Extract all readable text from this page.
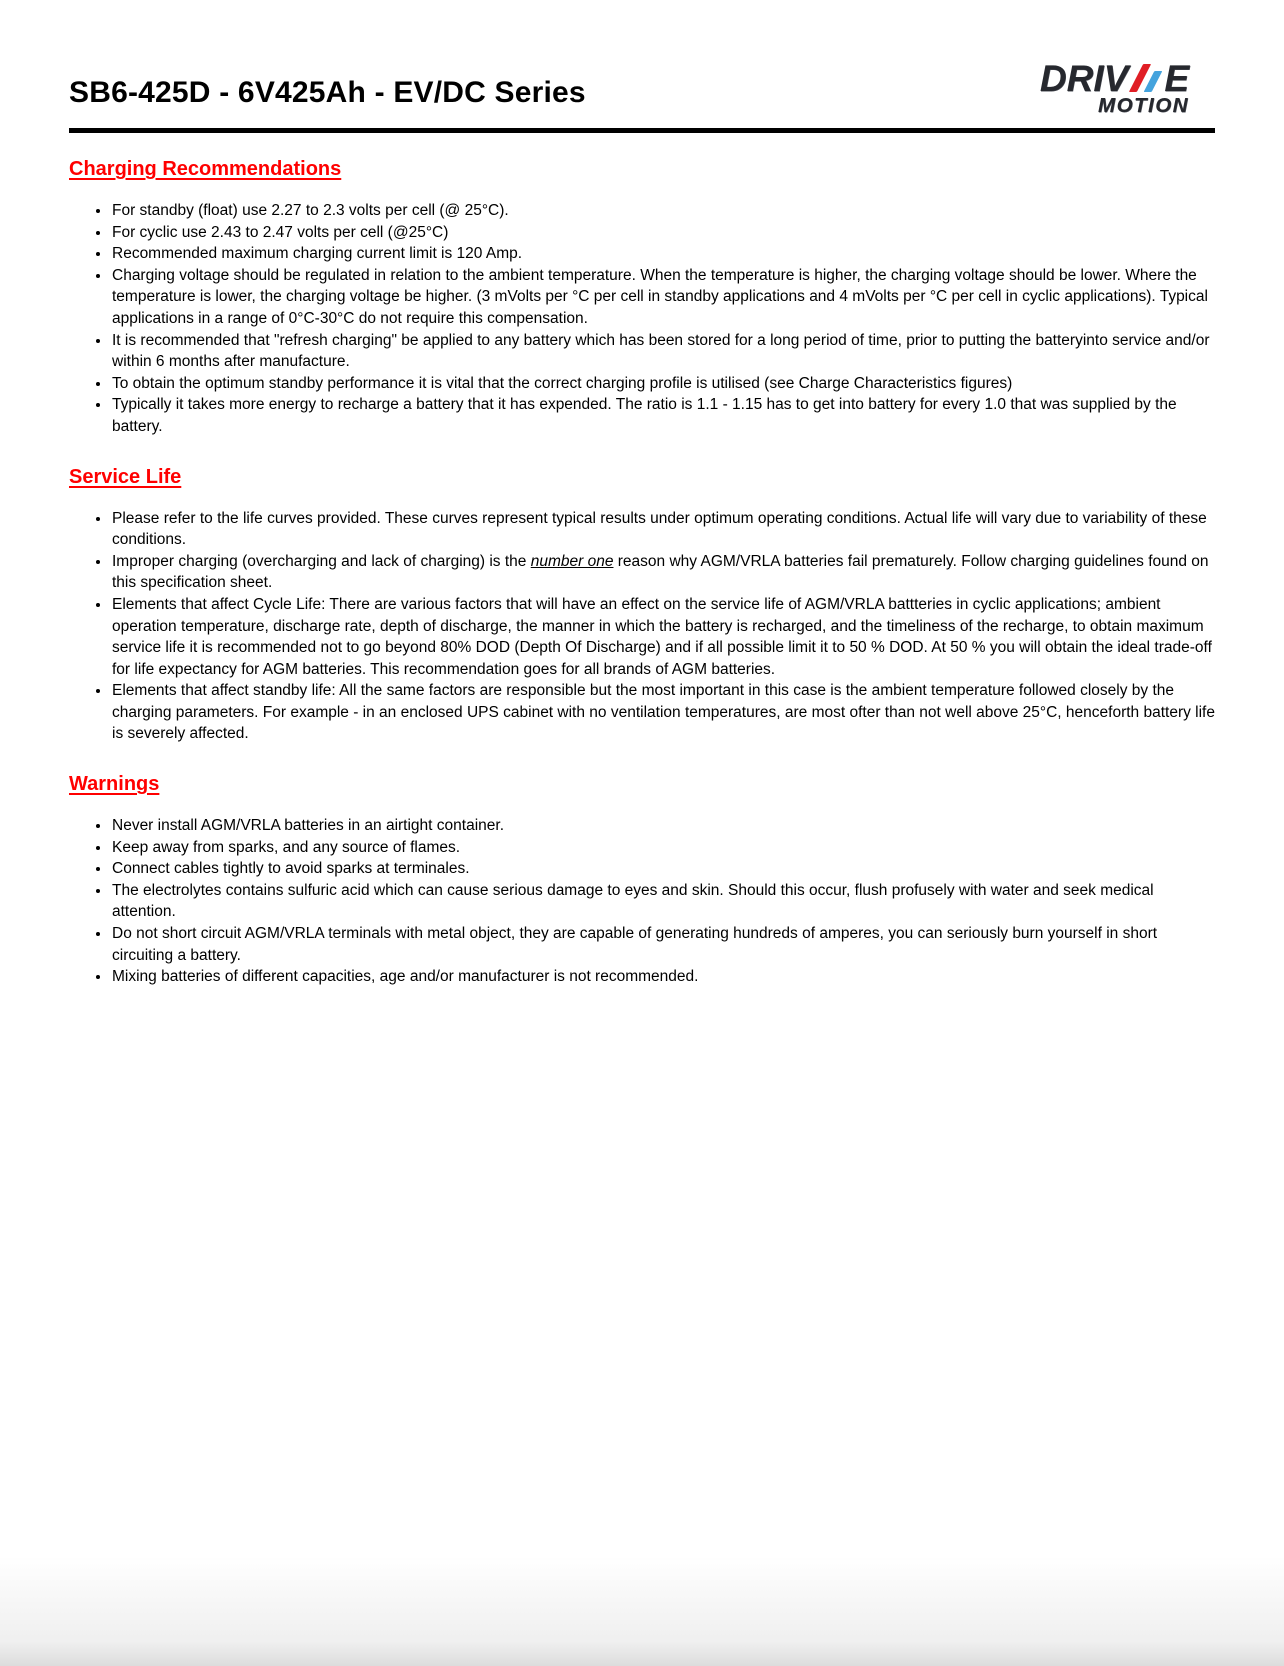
SB6-425D - 6V425Ah - EV/DC Series	DRIV E
MOTION
Charging Recommendations
• For standby (float) use 2.27 to 2.3 volts per cell (@ 25°C).
• For cyclic use 2.43 to 2.47 volts per cell (@25°C)
• Recommended maximum charging current limit is 120 Amp.
• Charging voltage should be regulated in relation to the ambient temperature. When the temperature is higher, the charging voltage should be lower. Where the temperature is lower, the charging voltage be higher. (3 mVolts per °C per cell in standby applications and 4 mVolts per °C per cell in cyclic applications). Typical applications in a range of 0°C-30°C do not require this compensation.
• It is recommended that "refresh charging" be applied to any battery which has been stored for a long period of time, prior to putting the batteryinto service and/or within 6 months after manufacture.
• To obtain the optimum standby performance it is vital that the correct charging profile is utilised (see Charge Characteristics figures)
• Typically it takes more energy to recharge a battery that it has expended. The ratio is 1.1 - 1.15 has to get into battery for every 1.0 that was supplied by the battery.
Service Life
• Please refer to the life curves provided. These curves represent typical results under optimum operating conditions. Actual life will vary due to variability of these conditions.
• Improper charging (overcharging and lack of charging) is the number one reason why AGM/VRLA batteries fail prematurely. Follow charging guidelines found on this specification sheet.
• Elements that affect Cycle Life: There are various factors that will have an effect on the service life of AGM/VRLA battteries in cyclic applications; ambient operation temperature, discharge rate, depth of discharge, the manner in which the battery is recharged, and the timeliness of the recharge, to obtain maximum service life it is recommended not to go beyond 80% DOD (Depth Of Discharge) and if all possible limit it to 50 % DOD. At 50 % you will obtain the ideal trade-off for life expectancy for AGM batteries. This recommendation goes for all brands of AGM batteries.
• Elements that affect standby life: All the same factors are responsible but the most important in this case is the ambient temperature followed closely by the charging parameters. For example - in an enclosed UPS cabinet with no ventilation temperatures, are most ofter than not well above 25°C, henceforth battery life is severely affected.
Warnings
• Never install AGM/VRLA batteries in an airtight container.
• Keep away from sparks, and any source of flames.
• Connect cables tightly to avoid sparks at terminales.
• The electrolytes contains sulfuric acid which can cause serious damage to eyes and skin. Should this occur, flush profusely with water and seek medical attention.
• Do not short circuit AGM/VRLA terminals with metal object, they are capable of generating hundreds of amperes, you can seriously burn yourself in short circuiting a battery.
• Mixing batteries of different capacities, age and/or manufacturer is not recommended.
